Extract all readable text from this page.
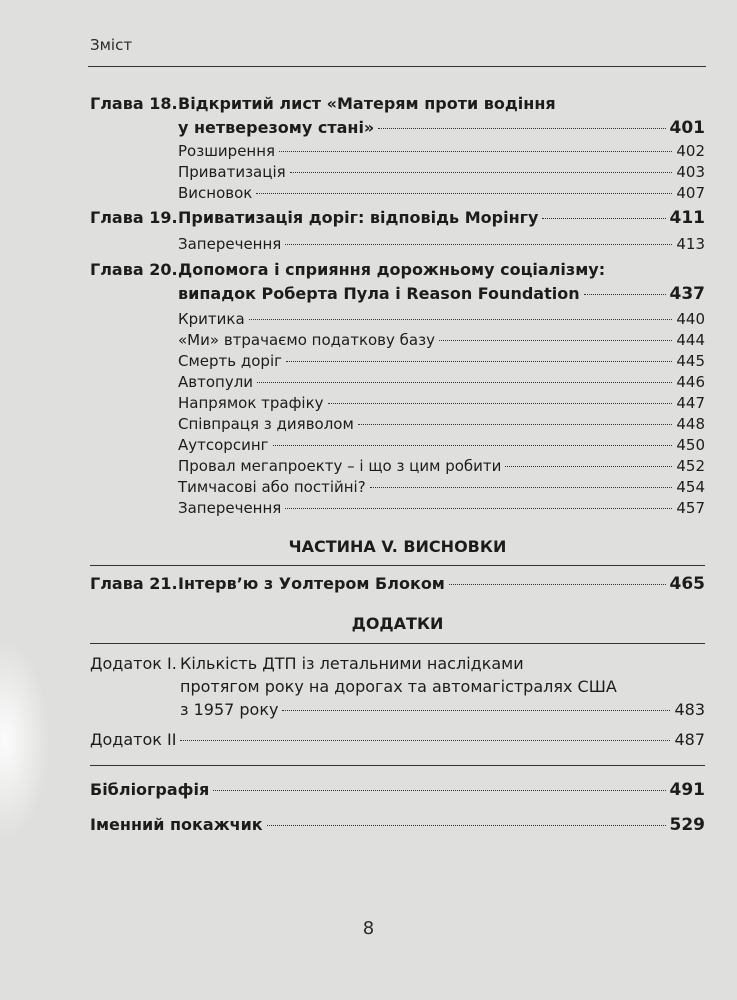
Зміст
Глава 18. Відкритий лист «Матерям проти водіння
у нетверезому стані»	401
Розширення	402
Приватизація	403
Висновок	407
Глава 19. Приватизація доріг: відповідь Морінгу	411
Заперечення	413
Глава 20. Допомога і сприяння дорожньому соціалізму:
випадок Роберта Пула і Reason Foundation	437
Критика	440
«Ми» втрачаємо податкову базу	444
Смерть доріг	445
Автопули	446
Напрямок трафіку	447
Співпраця з дияволом	448
Аутсорсинг	450
Провал мегапроекту – і що з цим робити	452
Тимчасові або постійні?	454
Заперечення	457
ЧАСТИНА V. ВИСНОВКИ
Глава 21. Інтерв’ю з Уолтером Блоком	465
ДОДАТКИ
Додаток I. Кількість ДТП із летальними наслідками
протягом року на дорогах та автомагістралях США
з 1957 року	483
Додаток II	487
Бібліографія	491
Іменний покажчик	529
8
